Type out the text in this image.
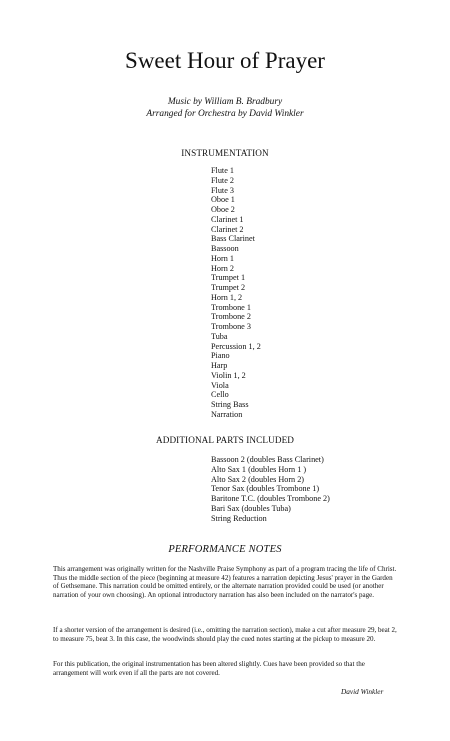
Sweet Hour of Prayer
Music by William B. Bradbury
Arranged for Orchestra by David Winkler
INSTRUMENTATION
Flute 1
Flute 2
Flute 3
Oboe 1
Oboe 2
Clarinet 1
Clarinet 2
Bass Clarinet
Bassoon
Horn 1
Horn 2
Trumpet 1
Trumpet 2
Horn 1, 2
Trombone 1
Trombone 2
Trombone 3
Tuba
Percussion 1, 2
Piano
Harp
Violin 1, 2
Viola
Cello
String Bass
Narration
ADDITIONAL PARTS INCLUDED
Bassoon 2 (doubles Bass Clarinet)
Alto Sax 1 (doubles Horn 1 )
Alto Sax 2 (doubles Horn 2)
Tenor Sax (doubles Trombone 1)
Baritone T.C. (doubles Trombone 2)
Bari Sax (doubles Tuba)
String Reduction
PERFORMANCE NOTES

This arrangement was originally written for the Nashville Praise Symphony as part of a program tracing the life of Christ. Thus the middle section of the piece (beginning at measure 42) features a narration depicting Jesus' prayer in the Garden of Gethsemane. This narration could be omitted entirely, or the alternate narration provided could be used (or another narration of your own choosing). An optional introductory narration has also been included on the narrator's page.

If a shorter version of the arrangement is desired (i.e., omitting the narration section), make a cut after measure 29, beat 2, to measure 75, beat 3. In this case, the woodwinds should play the cued notes starting at the pickup to measure 20.

For this publication, the original instrumentation has been altered slightly. Cues have been provided so that the arrangement will work even if all the parts are not covered.

David Winkler
